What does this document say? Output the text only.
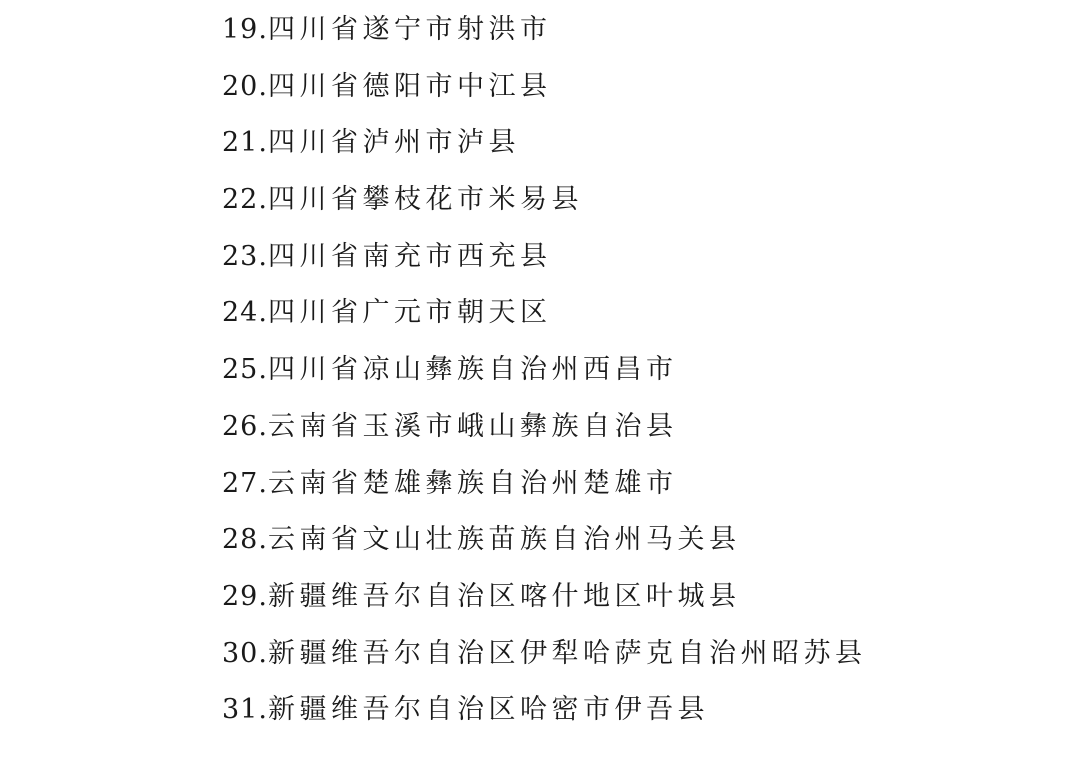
19.四川省遂宁市射洪市
20.四川省德阳市中江县
21.四川省泸州市泸县
22.四川省攀枝花市米易县
23.四川省南充市西充县
24.四川省广元市朝天区
25.四川省凉山彝族自治州西昌市
26.云南省玉溪市峨山彝族自治县
27.云南省楚雄彝族自治州楚雄市
28.云南省文山壮族苗族自治州马关县
29.新疆维吾尔自治区喀什地区叶城县
30.新疆维吾尔自治区伊犁哈萨克自治州昭苏县
31.新疆维吾尔自治区哈密市伊吾县
